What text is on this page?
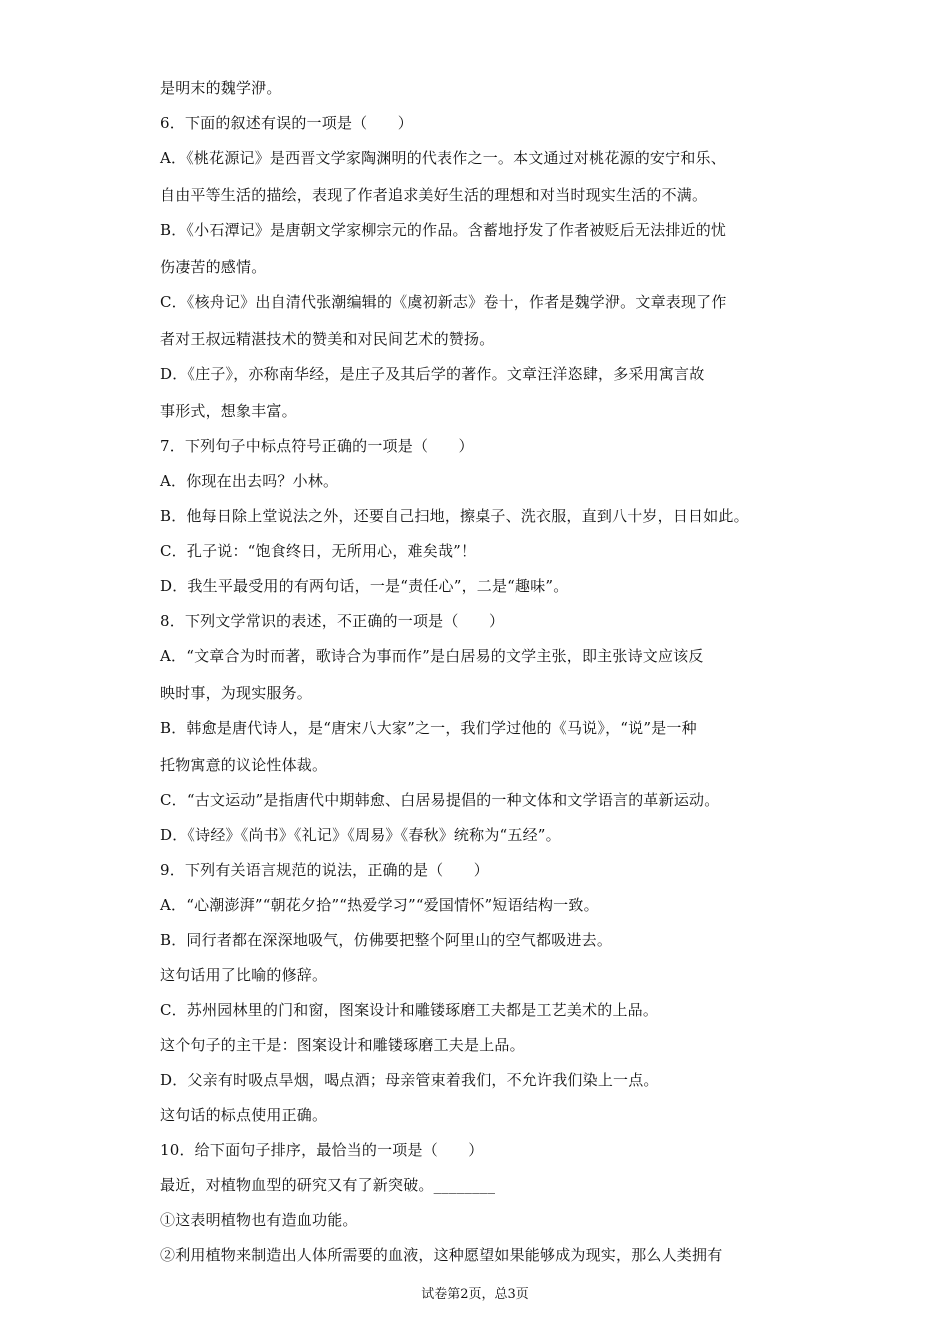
是明末的魏学洢。
6．下面的叙述有误的一项是（　　）
A．《桃花源记》是西晋文学家陶渊明的代表作之一。本文通过对桃花源的安宁和乐、
自由平等生活的描绘，表现了作者追求美好生活的理想和对当时现实生活的不满。
B．《小石潭记》是唐朝文学家柳宗元的作品。含蓄地抒发了作者被贬后无法排近的忧
伤凄苦的感情。
C．《核舟记》出自清代张潮编辑的《虞初新志》卷十，作者是魏学洢。文章表现了作
者对王叔远精湛技术的赞美和对民间艺术的赞扬。
D．《庄子》，亦称南华经，是庄子及其后学的著作。文章汪洋恣肆，多采用寓言故
事形式，想象丰富。
7．下列句子中标点符号正确的一项是（　　）
A．你现在出去吗？小林。
B．他每日除上堂说法之外，还要自己扫地，擦桌子、洗衣服，直到八十岁，日日如此。
C．孔子说：“饱食终日，无所用心，难矣哉”！
D．我生平最受用的有两句话，一是“责任心”，二是“趣味”。
8．下列文学常识的表述，不正确的一项是（　　）
A．“文章合为时而著，歌诗合为事而作”是白居易的文学主张，即主张诗文应该反
映时事，为现实服务。
B．韩愈是唐代诗人，是“唐宋八大家”之一，我们学过他的《马说》，“说”是一种
托物寓意的议论性体裁。
C．“古文运动”是指唐代中期韩愈、白居易提倡的一种文体和文学语言的革新运动。
D．《诗经》《尚书》《礼记》《周易》《春秋》统称为“五经”。
9．下列有关语言规范的说法，正确的是（　　）
A．“心潮澎湃”“朝花夕拾”“热爱学习”“爱国情怀”短语结构一致。
B．同行者都在深深地吸气，仿佛要把整个阿里山的空气都吸进去。
这句话用了比喻的修辞。
C．苏州园林里的门和窗，图案设计和雕镂琢磨工夫都是工艺美术的上品。
这个句子的主干是：图案设计和雕镂琢磨工夫是上品。
D．父亲有时吸点旱烟，喝点酒；母亲管束着我们，不允许我们染上一点。
这句话的标点使用正确。
10．给下面句子排序，最恰当的一项是（　　）
最近，对植物血型的研究又有了新突破。________
①这表明植物也有造血功能。
②利用植物来制造出人体所需要的血液，这种愿望如果能够成为现实，那么人类拥有
试卷第2页，总3页
